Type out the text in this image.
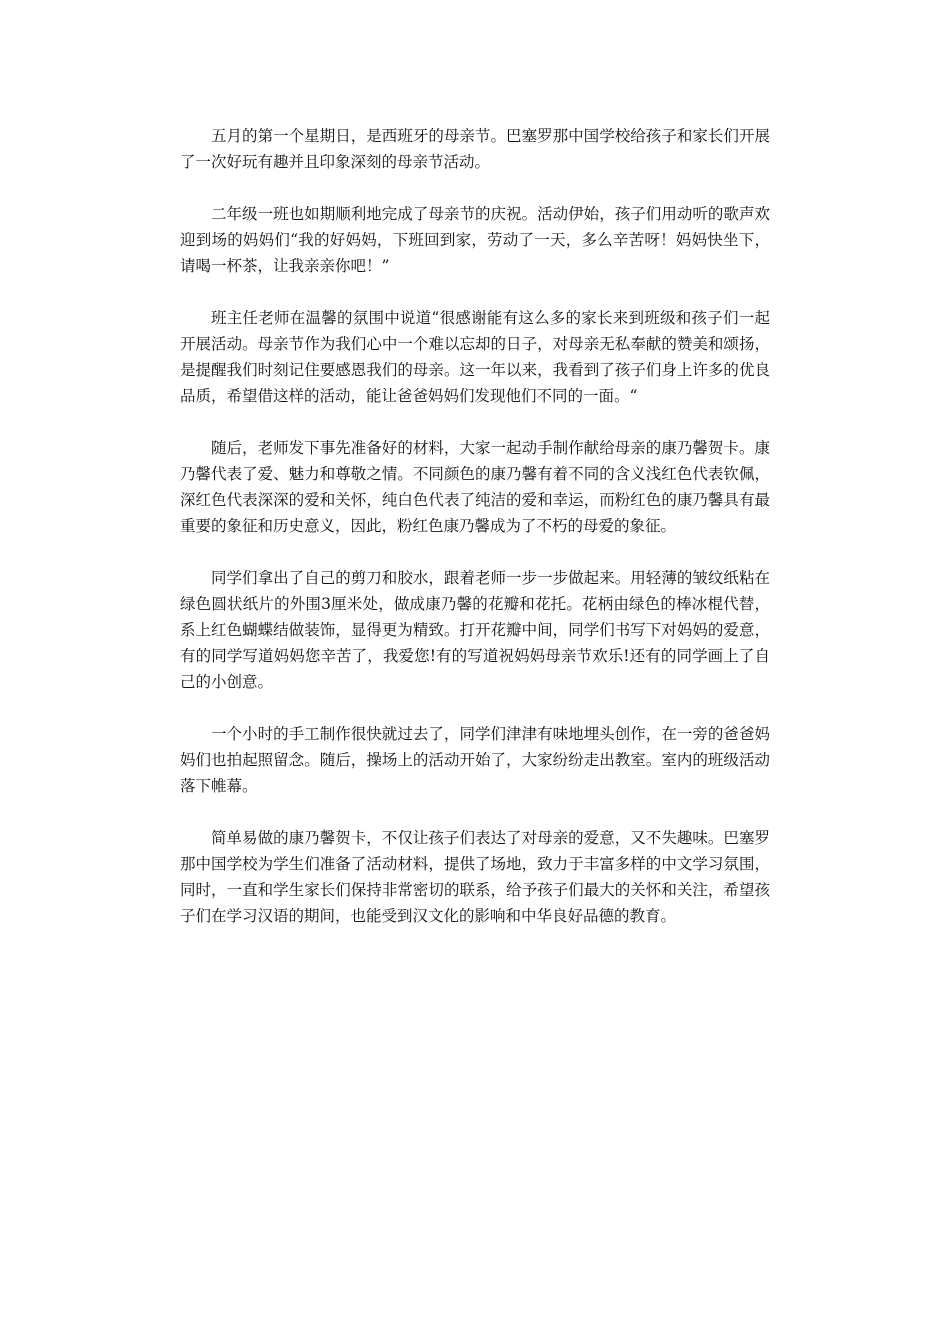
五月的第一个星期日，是西班牙的母亲节。巴塞罗那中国学校给孩子和家长们开展了一次好玩有趣并且印象深刻的母亲节活动。

二年级一班也如期顺利地完成了母亲节的庆祝。活动伊始，孩子们用动听的歌声欢迎到场的妈妈们“我的好妈妈，下班回到家，劳动了一天，多么辛苦呀！妈妈快坐下，请喝一杯茶，让我亲亲你吧！”

班主任老师在温馨的氛围中说道“很感谢能有这么多的家长来到班级和孩子们一起开展活动。母亲节作为我们心中一个难以忘却的日子，对母亲无私奉献的赞美和颂扬，是提醒我们时刻记住要感恩我们的母亲。这一年以来，我看到了孩子们身上许多的优良品质，希望借这样的活动，能让爸爸妈妈们发现他们不同的一面。“

随后，老师发下事先准备好的材料，大家一起动手制作献给母亲的康乃馨贺卡。康乃馨代表了爱、魅力和尊敬之情。不同颜色的康乃馨有着不同的含义浅红色代表钦佩，深红色代表深深的爱和关怀，纯白色代表了纯洁的爱和幸运，而粉红色的康乃馨具有最重要的象征和历史意义，因此，粉红色康乃馨成为了不朽的母爱的象征。

同学们拿出了自己的剪刀和胶水，跟着老师一步一步做起来。用轻薄的皱纹纸粘在绿色圆状纸片的外围3厘米处，做成康乃馨的花瓣和花托。花柄由绿色的棒冰棍代替，系上红色蝴蝶结做装饰，显得更为精致。打开花瓣中间，同学们书写下对妈妈的爱意，有的同学写道妈妈您辛苦了，我爱您!有的写道祝妈妈母亲节欢乐!还有的同学画上了自己的小创意。

一个小时的手工制作很快就过去了，同学们津津有味地埋头创作，在一旁的爸爸妈妈们也拍起照留念。随后，操场上的活动开始了，大家纷纷走出教室。室内的班级活动落下帷幕。

简单易做的康乃馨贺卡，不仅让孩子们表达了对母亲的爱意，又不失趣味。巴塞罗那中国学校为学生们准备了活动材料，提供了场地，致力于丰富多样的中文学习氛围，同时，一直和学生家长们保持非常密切的联系，给予孩子们最大的关怀和关注，希望孩子们在学习汉语的期间，也能受到汉文化的影响和中华良好品德的教育。
